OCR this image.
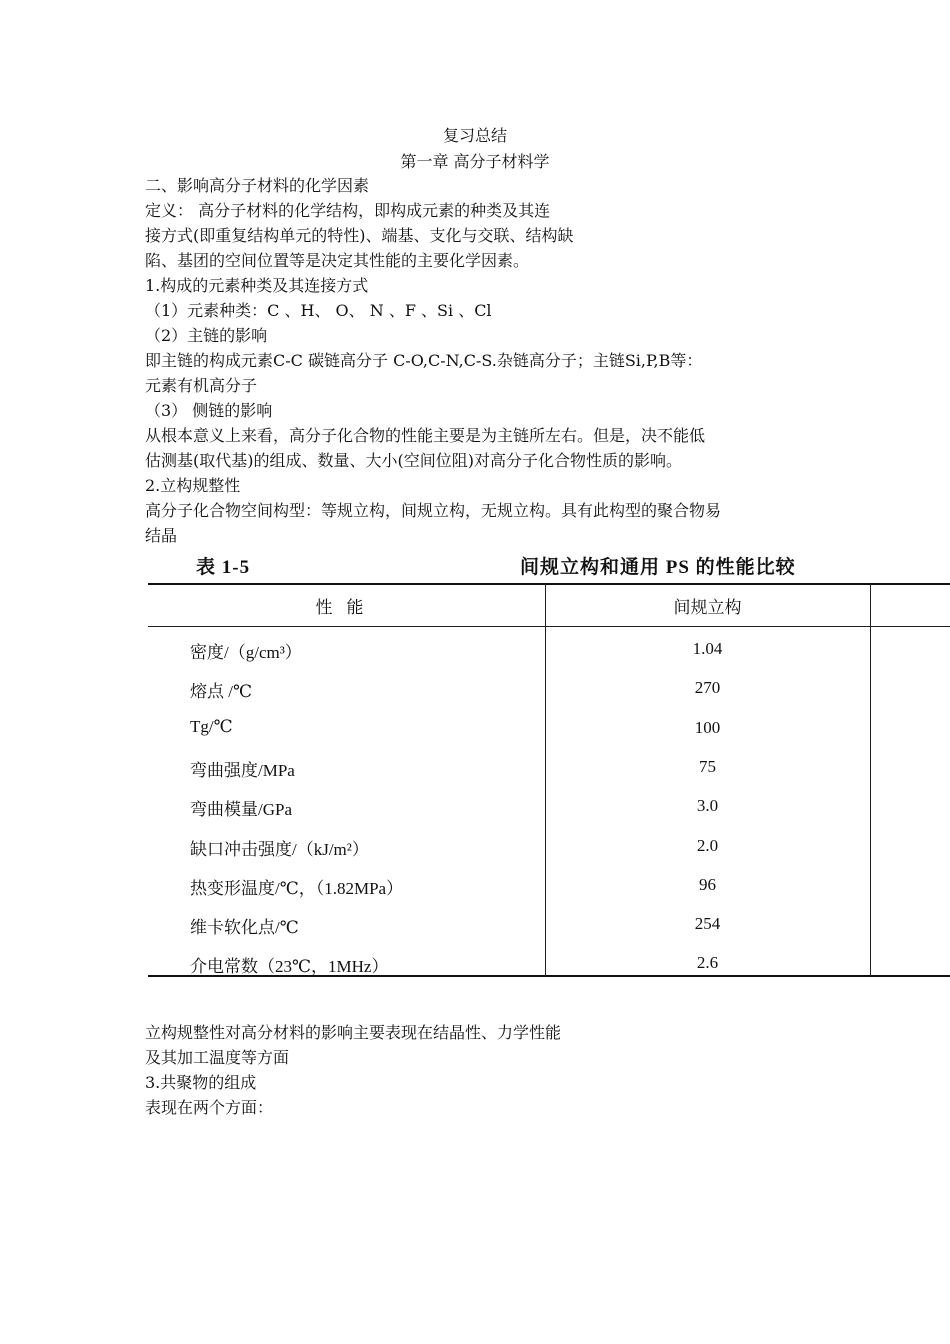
复习总结
第一章 高分子材料学

二、影响高分子材料的化学因素

定义： 高分子材料的化学结构，即构成元素的种类及其连

接方式(即重复结构单元的特性)、端基、支化与交联、结构缺

陷、基团的空间位置等是决定其性能的主要化学因素。

1.构成的元素种类及其连接方式

（1）元素种类：C 、H、 O、 N 、F 、Si 、Cl

（2）主链的影响

即主链的构成元素C-C 碳链高分子 C-O,C-N,C-S.杂链高分子；主链Si,P,B等：

元素有机高分子

（3） 侧链的影响

从根本意义上来看，高分子化合物的性能主要是为主链所左右。但是，决不能低

估测基(取代基)的组成、数量、大小(空间位阻)对高分子化合物性质的影响。

2.立构规整性

高分子化合物空间构型：等规立构，间规立构，无规立构。具有此构型的聚合物易

结晶

表 1-5	间规立构和通用 PS 的性能比较
性能	间规立构
密度/（g/cm³）	1.04
熔点 /℃	270
Tg/℃	100
弯曲强度/MPa	75
弯曲模量/GPa	3.0
缺口冲击强度/（kJ/m²）	2.0
热变形温度/℃，（1.82MPa）	96
维卡软化点/℃	254
介电常数（23℃，1MHz）	2.6

立构规整性对高分材料的影响主要表现在结晶性、力学性能

及其加工温度等方面

3.共聚物的组成

表现在两个方面：
